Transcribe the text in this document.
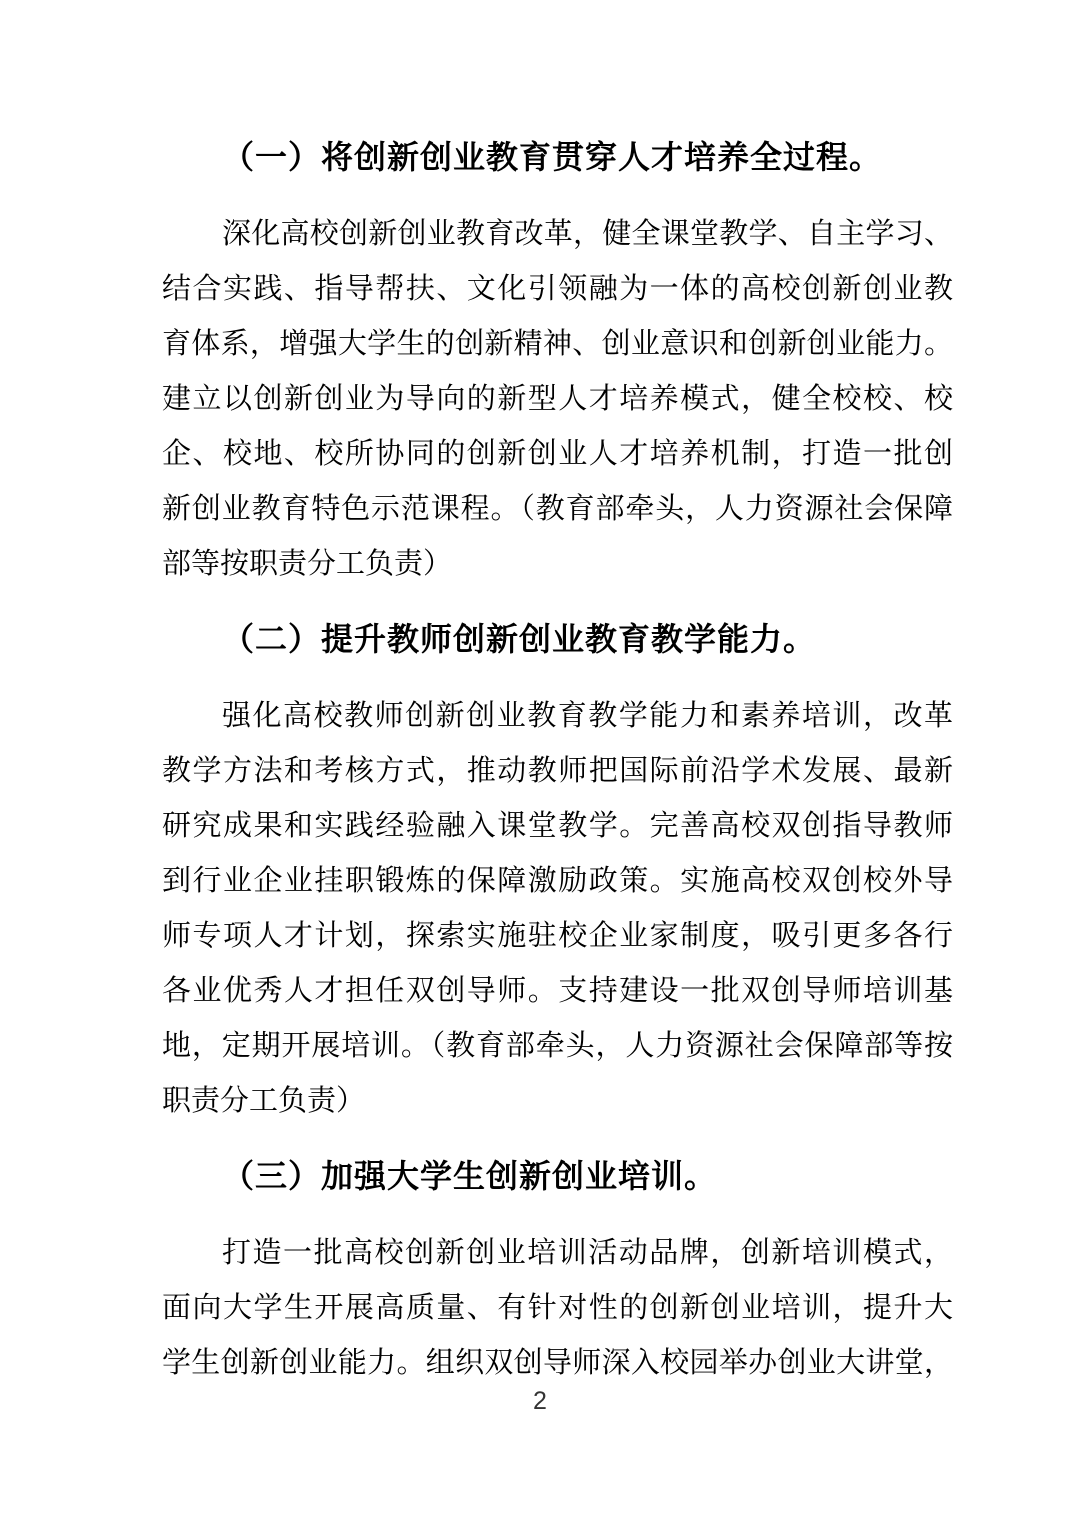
（一）将创新创业教育贯穿人才培养全过程。
深化高校创新创业教育改革，健全课堂教学、自主学习、
结合实践、指导帮扶、文化引领融为一体的高校创新创业教
育体系，增强大学生的创新精神、创业意识和创新创业能力。
建立以创新创业为导向的新型人才培养模式，健全校校、校
企、校地、校所协同的创新创业人才培养机制，打造一批创
新创业教育特色示范课程。（教育部牵头，人力资源社会保障
部等按职责分工负责）
（二）提升教师创新创业教育教学能力。
强化高校教师创新创业教育教学能力和素养培训，改革
教学方法和考核方式，推动教师把国际前沿学术发展、最新
研究成果和实践经验融入课堂教学。完善高校双创指导教师
到行业企业挂职锻炼的保障激励政策。实施高校双创校外导
师专项人才计划，探索实施驻校企业家制度，吸引更多各行
各业优秀人才担任双创导师。支持建设一批双创导师培训基
地，定期开展培训。（教育部牵头，人力资源社会保障部等按
职责分工负责）
（三）加强大学生创新创业培训。
打造一批高校创新创业培训活动品牌，创新培训模式，
面向大学生开展高质量、有针对性的创新创业培训，提升大
学生创新创业能力。组织双创导师深入校园举办创业大讲堂，
2
